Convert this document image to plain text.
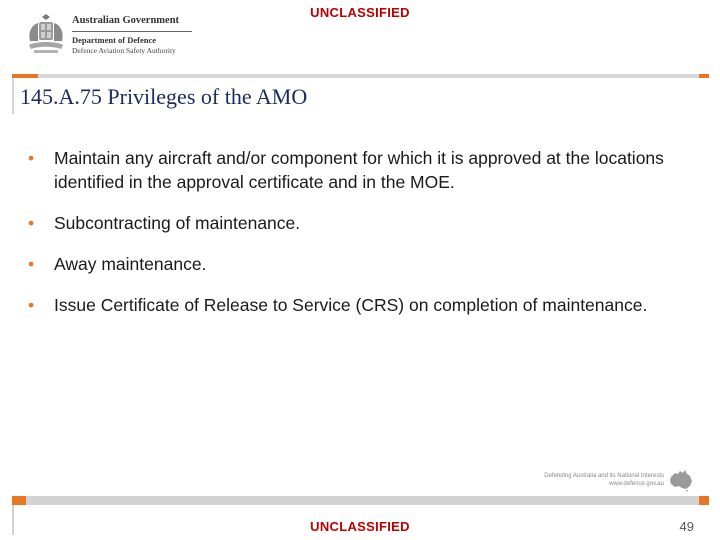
UNCLASSIFIED
Australian Government
Department of Defence
Defence Aviation Safety Authority
145.A.75 Privileges of the AMO
• Maintain any aircraft and/or component for which it is approved at the locations identified in the approval certificate and in the MOE.
• Subcontracting of maintenance.
• Away maintenance.
• Issue Certificate of Release to Service (CRS) on completion of maintenance.
Defending Australia and its National Interests
www.defence.gov.au
UNCLASSIFIED	49
